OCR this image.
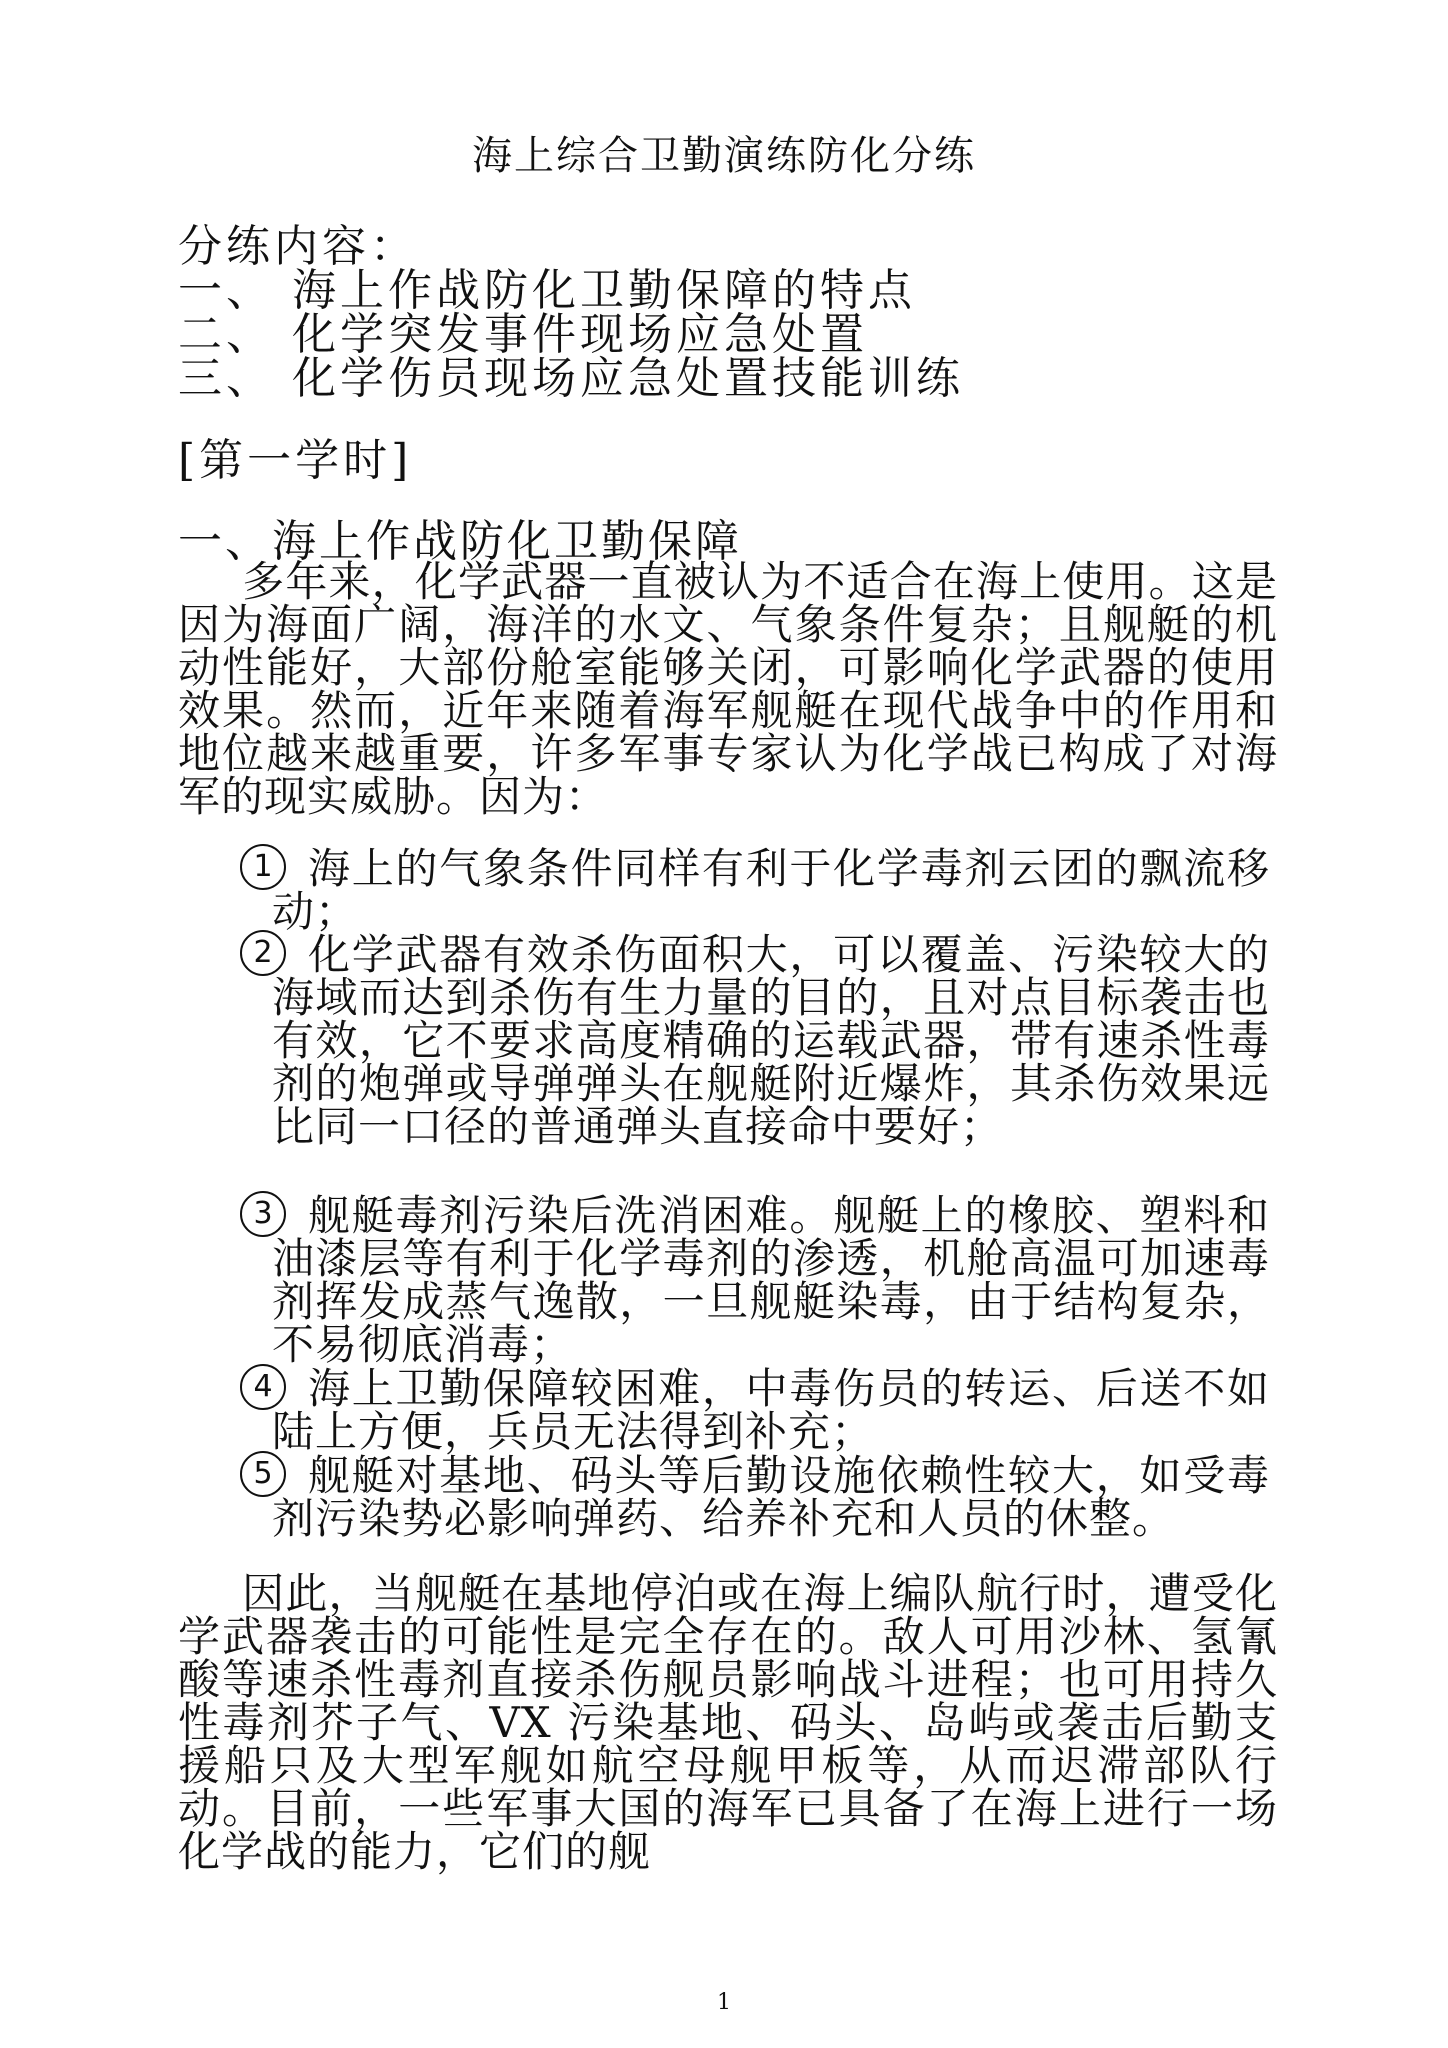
海上综合卫勤演练防化分练
分练内容：
一、 海上作战防化卫勤保障的特点
二、 化学突发事件现场应急处置
三、 化学伤员现场应急处置技能训练
[第一学时]
一、海上作战防化卫勤保障
多年来，化学武器一直被认为不适合在海上使用。这是因为海面广阔，海洋的水文、气象条件复杂；且舰艇的机动性能好，大部份舱室能够关闭，可影响化学武器的使用效果。然而，近年来随着海军舰艇在现代战争中的作用和地位越来越重要，许多军事专家认为化学战已构成了对海军的现实威胁。因为：
1 海上的气象条件同样有利于化学毒剂云团的飘流移动；
2 化学武器有效杀伤面积大，可以覆盖、污染较大的海域而达到杀伤有生力量的目的，且对点目标袭击也有效，它不要求高度精确的运载武器，带有速杀性毒剂的炮弹或导弹弹头在舰艇附近爆炸，其杀伤效果远比同一口径的普通弹头直接命中要好；
3 舰艇毒剂污染后洗消困难。舰艇上的橡胶、塑料和油漆层等有利于化学毒剂的渗透，机舱高温可加速毒剂挥发成蒸气逸散，一旦舰艇染毒，由于结构复杂，不易彻底消毒；
4 海上卫勤保障较困难，中毒伤员的转运、后送不如陆上方便，兵员无法得到补充；
5 舰艇对基地、码头等后勤设施依赖性较大，如受毒剂污染势必影响弹药、给养补充和人员的休整。
因此，当舰艇在基地停泊或在海上编队航行时，遭受化学武器袭击的可能性是完全存在的。敌人可用沙林、氢氰酸等速杀性毒剂直接杀伤舰员影响战斗进程；也可用持久性毒剂芥子气、VX 污染基地、码头、岛屿或袭击后勤支援船只及大型军舰如航空母舰甲板等，从而迟滞部队行动。目前，一些军事大国的海军已具备了在海上进行一场化学战的能力，它们的舰
1
